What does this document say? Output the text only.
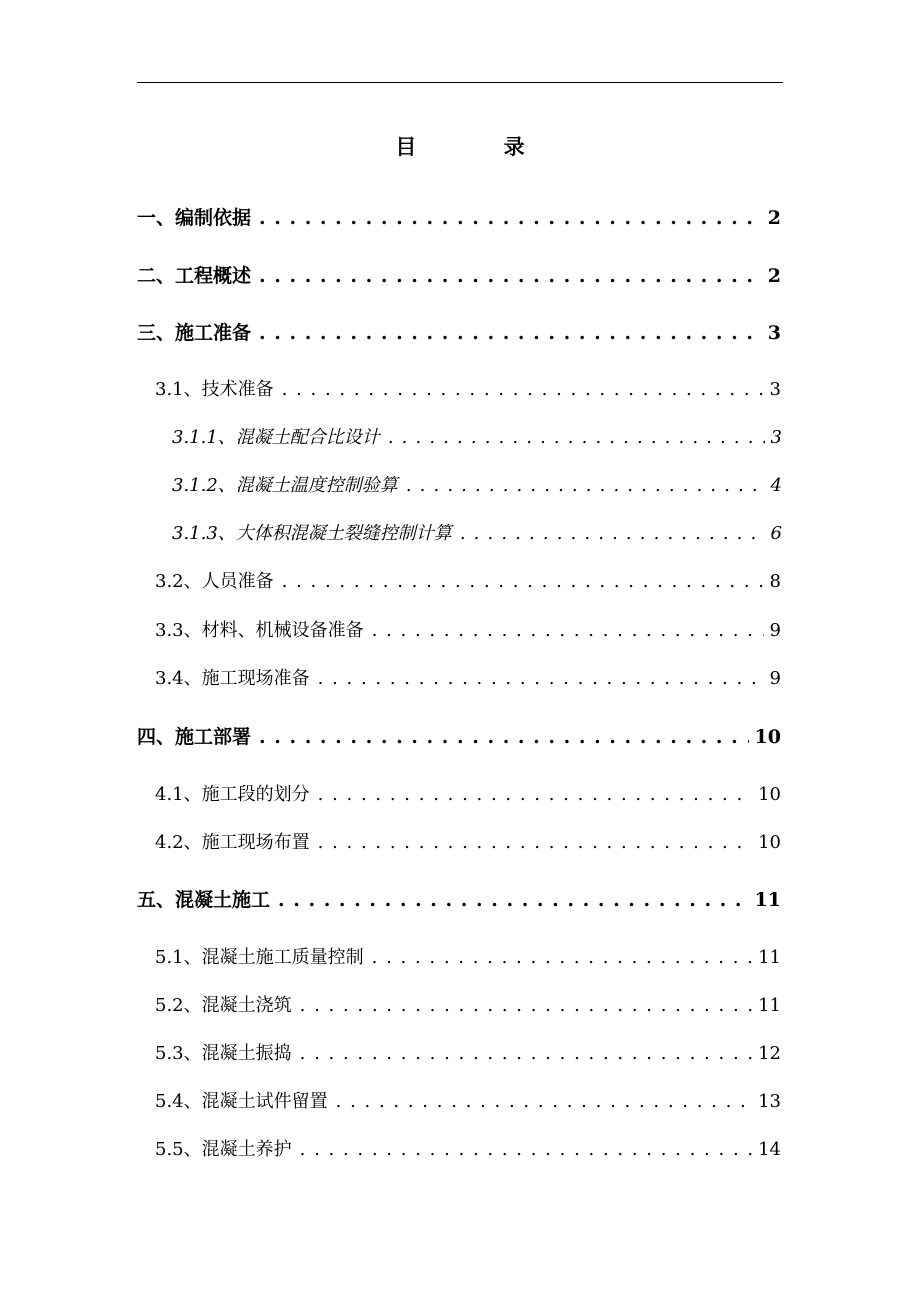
目 录
一、编制依据 . . .	2
二、工程概述 . . .	2
三、施工准备 . . .	3
3.1、技术准备 . . .	3
3.1.1、混凝土配合比设计 . . .	3
3.1.2、混凝土温度控制验算 . . .	4
3.1.3、大体积混凝土裂缝控制计算 . . .	6
3.2、人员准备 . . .	8
3.3、材料、机械设备准备 . . .	9
3.4、施工现场准备 . . .	9
四、施工部署 . . .	10
4.1、施工段的划分 . . .	10
4.2、施工现场布置 . . .	10
五、混凝土施工 . . .	11
5.1、混凝土施工质量控制 . . .	11
5.2、混凝土浇筑 . . .	11
5.3、混凝土振捣 . . .	12
5.4、混凝土试件留置 . . .	13
5.5、混凝土养护 . . .	14
